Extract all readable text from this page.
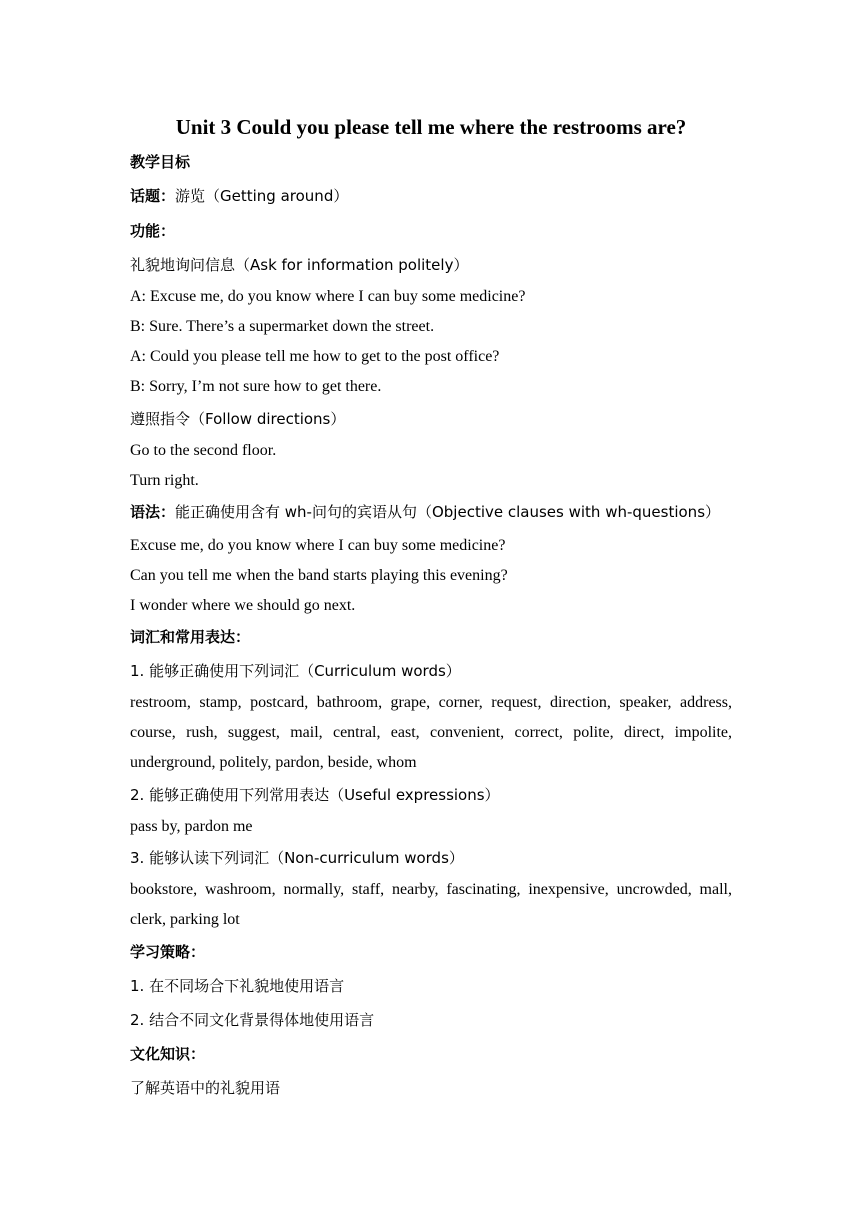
Unit 3 Could you please tell me where the restrooms are?

教学目标

话题：游览（Getting around）

功能：

礼貌地询问信息（Ask for information politely）

A: Excuse me, do you know where I can buy some medicine?

B: Sure. There’s a supermarket down the street.

A: Could you please tell me how to get to the post office?

B: Sorry, I’m not sure how to get there.

遵照指令（Follow directions）

Go to the second floor.

Turn right.

语法：能正确使用含有 wh-问句的宾语从句（Objective clauses with wh-questions）

Excuse me, do you know where I can buy some medicine?

Can you tell me when the band starts playing this evening?

I wonder where we should go next.

词汇和常用表达：

1. 能够正确使用下列词汇（Curriculum words）

restroom, stamp, postcard, bathroom, grape, corner, request, direction, speaker, address, course, rush, suggest, mail, central, east, convenient, correct, polite, direct, impolite, underground, politely, pardon, beside, whom

2. 能够正确使用下列常用表达（Useful expressions）

pass by, pardon me

3. 能够认读下列词汇（Non-curriculum words）

bookstore, washroom, normally, staff, nearby, fascinating, inexpensive, uncrowded, mall, clerk, parking lot

学习策略：

1. 在不同场合下礼貌地使用语言

2. 结合不同文化背景得体地使用语言

文化知识：

了解英语中的礼貌用语
